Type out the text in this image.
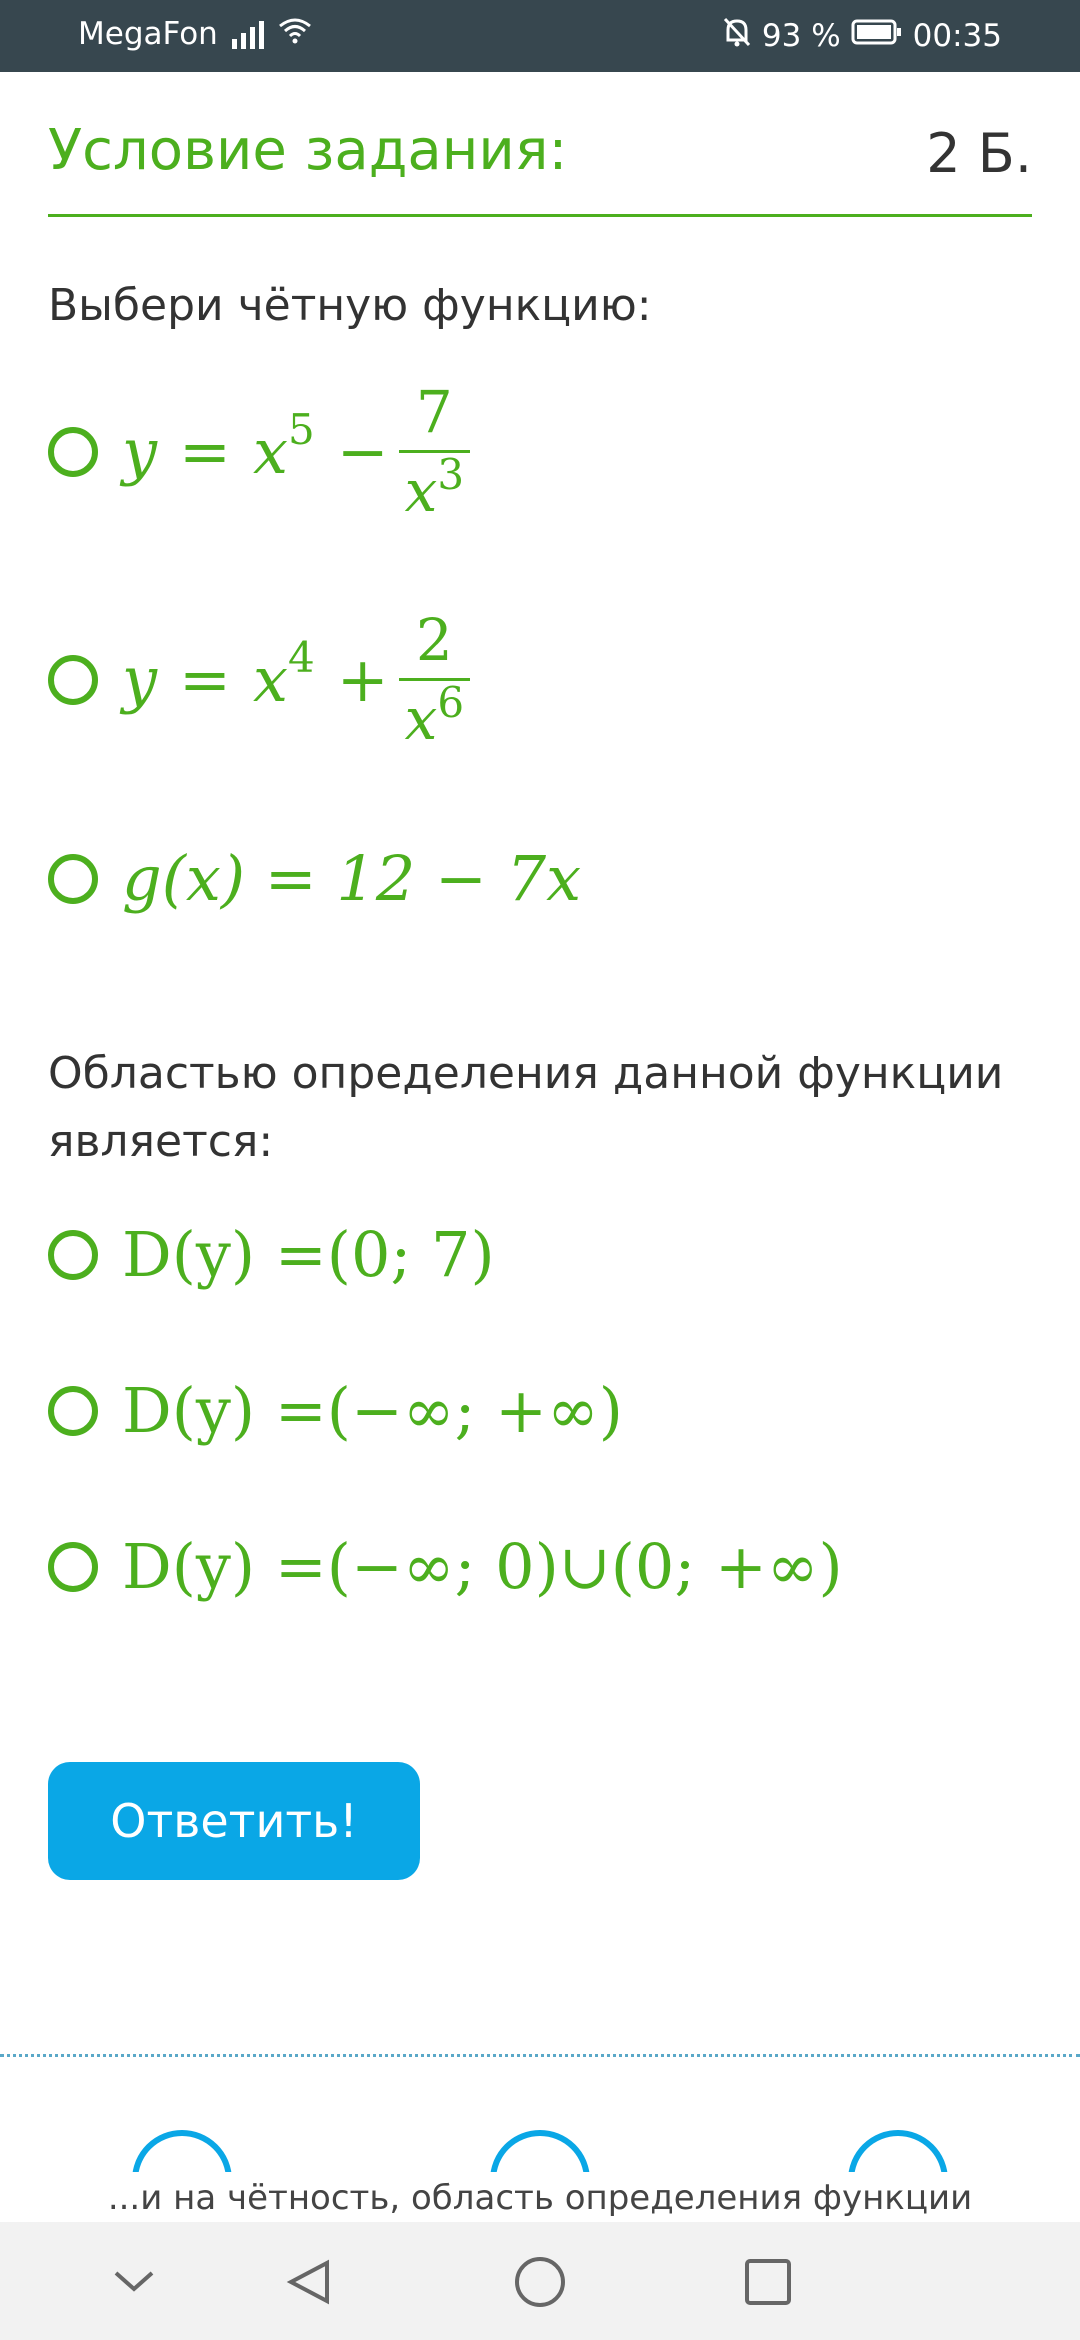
MegaFon	93 % 00:35
Условие задания:	2 Б.
Выбери чётную функцию:
$y = x^5 - \frac{7}{x^3}$
$y = x^4 + \frac{2}{x^6}$
g(x) = 12 − 7x
Областью определения данной функции является:
D(y) =(0; 7)
D(y) =(−∞; +∞)
D(y) =(−∞; 0)∪(0; +∞)
Ответить!
...и на чётность, область определения функции
